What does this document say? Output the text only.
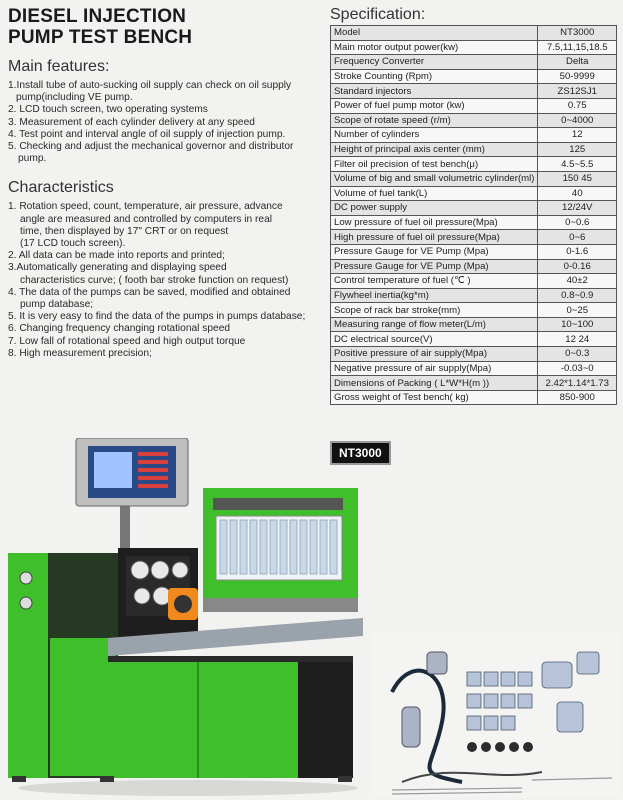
DIESEL INJECTION
PUMP TEST BENCH
Main features:
1.Install tube of auto-sucking oil supply can check on oil supply
pump(including VE pump.
2. LCD touch screen, two operating systems
3. Measurement of each cylinder delivery at any speed
4. Test point and interval angle of oil supply of injection pump.
5. Checking and adjust the mechanical governor and distributor
pump.
Characteristics
1. Rotation speed, count, temperature, air pressure, advance
angle are measured and controlled by computers in real
time, then displayed by 17" CRT or on request
(17 LCD touch screen).
2. All data can be made into reports and printed;
3.Automatically generating and displaying speed
characteristics curve; ( footh bar stroke function on request)
4. The data of the pumps can be saved, modified and obtained
pump database;
5. It is very easy to find the data of the pumps in pumps database;
6. Changing frequency changing rotational speed
7. Low fall of rotational speed and high output torque
8. High measurement precision;
Specification:
Model	NT3000
Main motor output power(kw)	7.5,11,15,18.5
Frequency Converter	Delta
Stroke Counting (Rpm)	50-9999
Standard injectors	ZS12SJ1
Power of fuel pump motor (kw)	0.75
Scope of rotate speed (r/m)	0~4000
Number of cylinders	12
Height of principal axis center (mm)	125
Filter oil precision of test bench(μ)	4.5~5.5
Volume of big and small volumetric cylinder(ml)	150 45
Volume of fuel tank(L)	40
DC power supply	12/24V
Low pressure of fuel oil pressure(Mpa)	0~0.6
High pressure of fuel oil pressure(Mpa)	0~6
Pressure Gauge for VE Pump (Mpa)	0-1.6
Pressure Gauge for VE Pump (Mpa)	0-0.16
Control temperature of fuel (℃ )	40±2
Flywheel inertia(kg*m)	0.8~0.9
Scope of rack bar stroke(mm)	0~25
Measuring range of flow meter(L/m)	10~100
DC electrical source(V)	12 24
Positive pressure of air supply(Mpa)	0~0.3
Negative pressure of air supply(Mpa)	-0.03~0
Dimensions of Packing ( L*W*H(m ))	2.42*1.14*1.73
Gross weight of Test bench( kg)	850-900
NT3000
